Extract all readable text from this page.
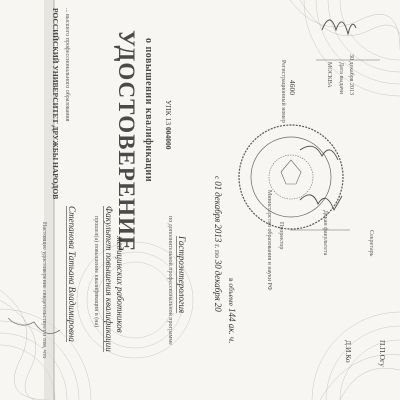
... высшего профессионального образования
РОССИЙСКИЙ УНИВЕРСИТЕТ ДРУЖБЫ НАРОДОВ УДОСТОВЕРЕНИЕ о повышении квалификации УПК 13 004000
Регистрационный номер 4600	МОСКВА Дата выдачи 30 декабря 2013
Настоящее удостоверение свидетельствует о том, что Степанова Татьана Владимировна	прошел(а) повышение квалификации в (на) Факультет повышения квалификации медицинских работников	по дополнительной профессиональной программе Гастроэнтерология
с 01 декабря 2013 г. по 30 декабря 20
в объеме 144 ак. ч.
Министерство образования и науки РФ Проректор	Декан факультета
Д.И.Ко	П.П.Огу
Секретарь
